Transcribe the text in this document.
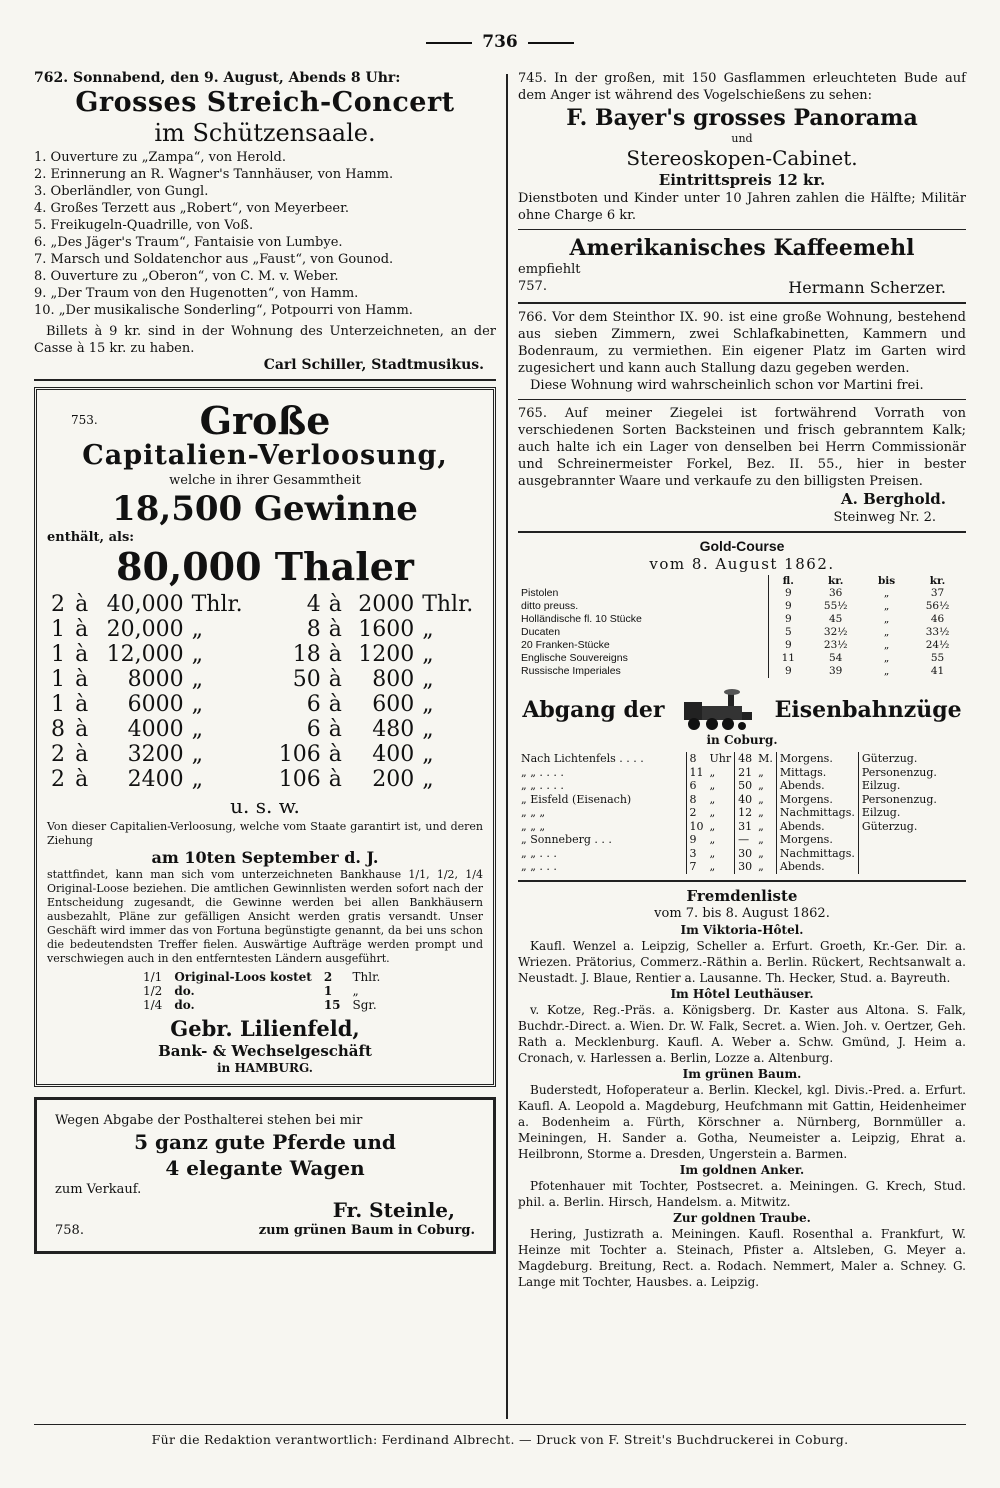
736
762. Sonnabend, den 9. August, Abends 8 Uhr:
Grosses Streich-Concert
im Schützensaale.
1. Ouverture zu „Zampa“, von Herold.
2. Erinnerung an R. Wagner's Tannhäuser, von Hamm.
3. Oberländler, von Gungl.
4. Großes Terzett aus „Robert“, von Meyerbeer.
5. Freikugeln-Quadrille, von Voß.
6. „Des Jäger's Traum“, Fantaisie von Lumbye.
7. Marsch und Soldatenchor aus „Faust“, von Gounod.
8. Ouverture zu „Oberon“, von C. M. v. Weber.
9. „Der Traum von den Hugenotten“, von Hamm.
10. „Der musikalische Sonderling“, Potpourri von Hamm.
Billets à 9 kr. sind in der Wohnung des Unterzeichneten, an der Casse à 15 kr. zu haben.
Carl Schiller, Stadtmusikus.
753.	Große
Capitalien-Verloosung,
welche in ihrer Gesammtheit
18,500 Gewinne
enthält, als:
80,000 Thaler
2	à	40,000	Thlr.	4	à	2000	Thlr.
1	à	20,000	„	8	à	1600	„
1	à	12,000	„	18	à	1200	„
1	à	8000	„	50	à	800	„
1	à	6000	„	6	à	600	„
8	à	4000	„	6	à	480	„
2	à	3200	„	106	à	400	„
2	à	2400	„	106	à	200	„
u. s. w.
Von dieser Capitalien-Verloosung, welche vom Staate garantirt ist, und deren Ziehung
am 10ten September d. J.
stattfindet, kann man sich vom unterzeichneten Bankhause 1/1, 1/2, 1/4 Original-Loose beziehen. Die amtlichen Gewinnlisten werden sofort nach der Entscheidung zugesandt, die Gewinne werden bei allen Bankhäusern ausbezahlt, Pläne zur gefälligen Ansicht werden gratis versandt. Unser Geschäft wird immer das von Fortuna begünstigte genannt, da bei uns schon die bedeutendsten Treffer fielen. Auswärtige Aufträge werden prompt und verschwiegen auch in den entferntesten Ländern ausgeführt.
1/1	Original-Loos kostet	2	Thlr.
1/2	do.	1	„
1/4	do.	15	Sgr.
Gebr. Lilienfeld,
Bank- & Wechselgeschäft
in HAMBURG.
Wegen Abgabe der Posthalterei stehen bei mir
5 ganz gute Pferde und
4 elegante Wagen
zum Verkauf.
Fr. Steinle,
758.	zum grünen Baum in Coburg.
745. In der großen, mit 150 Gasflammen erleuchteten Bude auf dem Anger ist während des Vogelschießens zu sehen:
F. Bayer's grosses Panorama
und
Stereoskopen-Cabinet.
Eintrittspreis 12 kr.
Dienstboten und Kinder unter 10 Jahren zahlen die Hälfte; Militär ohne Charge 6 kr.
Amerikanisches Kaffeemehl
empfiehlt
757.	Hermann Scherzer.
766. Vor dem Steinthor IX. 90. ist eine große Wohnung, bestehend aus sieben Zimmern, zwei Schlafkabinetten, Kammern und Bodenraum, zu vermiethen. Ein eigener Platz im Garten wird zugesichert und kann auch Stallung dazu gegeben werden.
Diese Wohnung wird wahrscheinlich schon vor Martini frei.
765. Auf meiner Ziegelei ist fortwährend Vorrath von verschiedenen Sorten Backsteinen und frisch gebranntem Kalk; auch halte ich ein Lager von denselben bei Herrn Commissionär und Schreinermeister Forkel, Bez. II. 55., hier in bester ausgebrannter Waare und verkaufe zu den billigsten Preisen.
A. Berghold.
Steinweg Nr. 2.
Gold-Course
vom 8. August 1862.
	fl.	kr.	bis	kr.
Pistolen	9	36	„	37
ditto preuss.	9	55½	„	56½
Holländische fl. 10 Stücke	9	45	„	46
Ducaten	5	32½	„	33½
20 Franken-Stücke	9	23½	„	24½
Englische Souvereigns	11	54	„	55
Russische Imperiales	9	39	„	41
Abgang der	Eisenbahnzüge
in Coburg.
Nach Lichtenfels . . . .	8	Uhr	48	M.	Morgens.	Güterzug.
„ „ . . . .	11	„	21	„	Mittags.	Personenzug.
„ „ . . . .	6	„	50	„	Abends.	Eilzug.
„ Eisfeld (Eisenach)	8	„	40	„	Morgens.	Personenzug.
„ „ „	2	„	12	„	Nachmittags.	Eilzug.
„ „ „	10	„	31	„	Abends.	Güterzug.
„ Sonneberg . . .	9	„	—	„	Morgens.	
„ „ . . .	3	„	30	„	Nachmittags.	
„ „ . . .	7	„	30	„	Abends.	
Fremdenliste
vom 7. bis 8. August 1862.
Im Viktoria-Hôtel.
Kaufl. Wenzel a. Leipzig, Scheller a. Erfurt. Groeth, Kr.-Ger. Dir. a. Wriezen. Prätorius, Commerz.-Räthin a. Berlin. Rückert, Rechtsanwalt a. Neustadt. J. Blaue, Rentier a. Lausanne. Th. Hecker, Stud. a. Bayreuth.
Im Hôtel Leuthäuser.
v. Kotze, Reg.-Präs. a. Königsberg. Dr. Kaster aus Altona. S. Falk, Buchdr.-Direct. a. Wien. Dr. W. Falk, Secret. a. Wien. Joh. v. Oertzer, Geh. Rath a. Mecklenburg. Kaufl. A. Weber a. Schw. Gmünd, J. Heim a. Cronach, v. Harlessen a. Berlin, Lozze a. Altenburg.
Im grünen Baum.
Buderstedt, Hofoperateur a. Berlin. Kleckel, kgl. Divis.-Pred. a. Erfurt. Kaufl. A. Leopold a. Magdeburg, Heufchmann mit Gattin, Heidenheimer a. Bodenheim a. Fürth, Körschner a. Nürnberg, Bornmüller a. Meiningen, H. Sander a. Gotha, Neumeister a. Leipzig, Ehrat a. Heilbronn, Storme a. Dresden, Ungerstein a. Barmen.
Im goldnen Anker.
Pfotenhauer mit Tochter, Postsecret. a. Meiningen. G. Krech, Stud. phil. a. Berlin. Hirsch, Handelsm. a. Mitwitz.
Zur goldnen Traube.
Hering, Justizrath a. Meiningen. Kaufl. Rosenthal a. Frankfurt, W. Heinze mit Tochter a. Steinach, Pfister a. Altsleben, G. Meyer a. Magdeburg. Breitung, Rect. a. Rodach. Nemmert, Maler a. Schney. G. Lange mit Tochter, Hausbes. a. Leipzig.
Für die Redaktion verantwortlich: Ferdinand Albrecht. — Druck von F. Streit's Buchdruckerei in Coburg.
